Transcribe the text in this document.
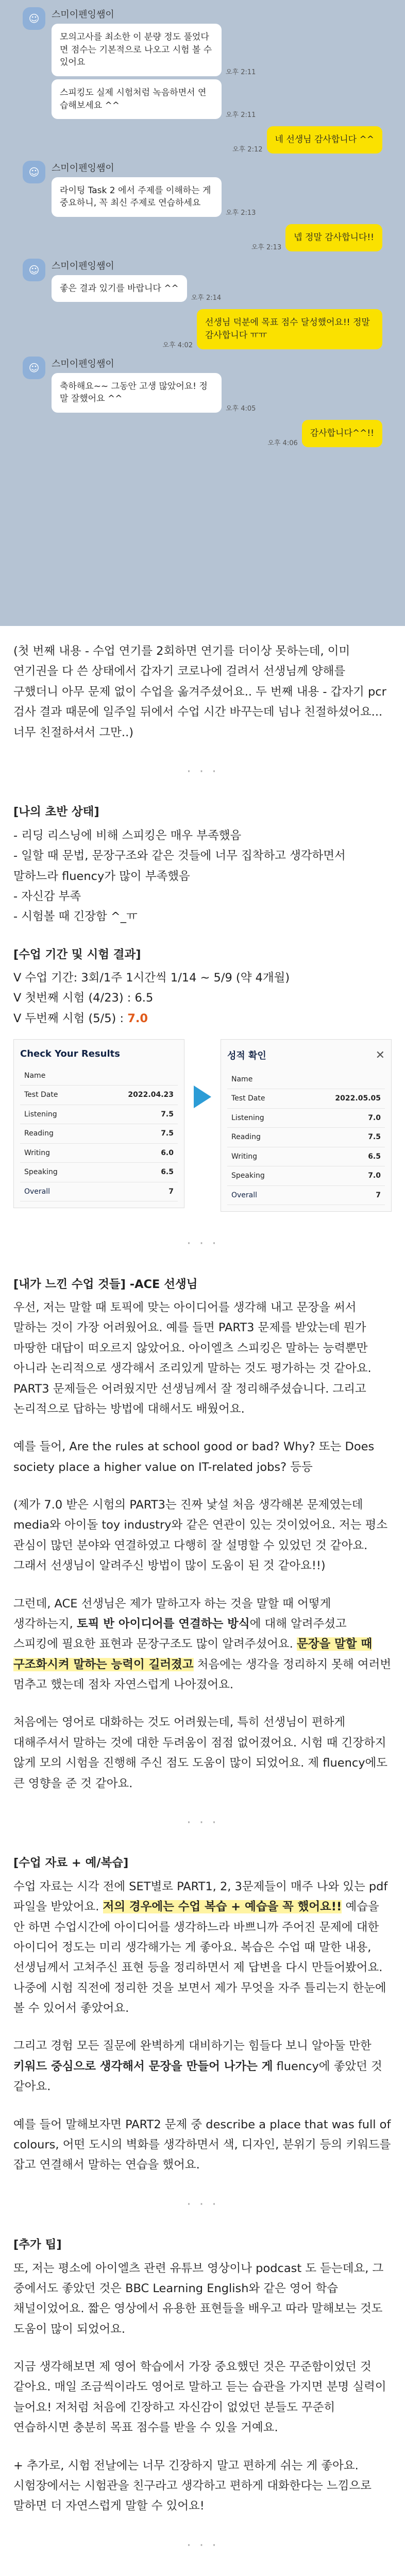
☺	스미이펜잉쌤이
모의고사를 최소한 이 분량 정도 풀었다면 점수는 기본적으로 나오고 시험 볼 수 있어요
오후 2:11
스피킹도 실제 시험처럼 녹음하면서 연습해보세요 ^^
오후 2:11
오후 2:12
네 선생님 감사합니다 ^^
☺	스미이펜잉쌤이
라이팅 Task 2 에서 주제를 이해하는 게 중요하니, 꼭 최신 주제로 연습하세요
오후 2:13
오후 2:13
넵 정말 감사합니다!!
☺	스미이펜잉쌤이
좋은 결과 있기를 바랍니다 ^^
오후 2:14
오후 4:02
선생님 덕분에 목표 점수 달성했어요!! 정말 감사합니다 ㅠㅠ
☺	스미이펜잉쌤이
축하해요~~ 그동안 고생 많았어요! 정말 잘했어요 ^^
오후 4:05
오후 4:06
감사합니다^^!!

(첫 번째 내용 - 수업 연기를 2회하면 연기를 더이상 못하는데, 이미 연기권을 다 쓴 상태에서 갑자기 코로나에 걸려서 선생님께 양해를 구했더니 아무 문제 없이 수업을 옮겨주셨어요.. 두 번째 내용 - 갑자기 pcr 검사 결과 때문에 일주일 뒤에서 수업 시간 바꾸는데 넘나 친절하셨어요... 너무 친절하셔서 그만..)

· · ·

[나의 초반 상태]

- 리딩 리스닝에 비해 스피킹은 매우 부족했음
- 일할 때 문법, 문장구조와 같은 것들에 너무 집착하고 생각하면서 말하느라 fluency가 많이 부족했음
- 자신감 부족
- 시험볼 때 긴장함 ^_ㅠ

[수업 기간 및 시험 결과]

V 수업 기간: 3회/1주 1시간씩 1/14 ~ 5/9 (약 4개월)
V 첫번째 시험 (4/23) : 6.5
V 두번째 시험 (5/5) : 7.0

Check Your Results
Name	
Test Date	2022.04.23
Listening	7.5
Reading	7.5
Writing	6.0
Speaking	6.5
Overall	7
성적 확인	✕
Name	
Test Date	2022.05.05
Listening	7.0
Reading	7.5
Writing	6.5
Speaking	7.0
Overall	7
· · ·

[내가 느낀 수업 것들] -ACE 선생님

우선, 저는 말할 때 토픽에 맞는 아이디어를 생각해 내고 문장을 써서 말하는 것이 가장 어려웠어요. 예를 들면 PART3 문제를 받았는데 뭔가 마땅한 대답이 떠오르지 않았어요. 아이엘츠 스피킹은 말하는 능력뿐만 아니라 논리적으로 생각해서 조리있게 말하는 것도 평가하는 것 같아요. PART3 문제들은 어려웠지만 선생님께서 잘 정리해주셨습니다. 그리고 논리적으로 답하는 방법에 대해서도 배웠어요.

예를 들어, Are the rules at school good or bad? Why? 또는 Does society place a higher value on IT-related jobs? 등등

(제가 7.0 받은 시험의 PART3는 진짜 낯설 처음 생각해본 문제였는데 media와 아이돌 toy industry와 같은 연관이 있는 것이었어요. 저는 평소 관심이 많던 분야와 연결하였고 다행히 잘 설명할 수 있었던 것 같아요. 그래서 선생님이 알려주신 방법이 많이 도움이 된 것 같아요!!)

그런데, ACE 선생님은 제가 말하고자 하는 것을 말할 때 어떻게 생각하는지, 토픽 반 아이디어를 연결하는 방식에 대해 알려주셨고 스피킹에 필요한 표현과 문장구조도 많이 알려주셨어요. 문장을 말할 때 구조화시켜 말하는 능력이 길러졌고 처음에는 생각을 정리하지 못해 여러번 멈추고 했는데 점차 자연스럽게 나아졌어요.

처음에는 영어로 대화하는 것도 어려웠는데, 특히 선생님이 편하게 대해주셔서 말하는 것에 대한 두려움이 점점 없어졌어요. 시험 때 긴장하지 않게 모의 시험을 진행해 주신 점도 도움이 많이 되었어요. 제 fluency에도 큰 영향을 준 것 같아요.

· · ·

[수업 자료 + 예/복습]

수업 자료는 시각 전에 SET별로 PART1, 2, 3문제들이 매주 나와 있는 pdf 파일을 받았어요. 저의 경우에는 수업 복습 + 예습을 꼭 했어요!! 예습을 안 하면 수업시간에 아이디어를 생각하느라 바쁘니까 주어진 문제에 대한 아이디어 정도는 미리 생각해가는 게 좋아요. 복습은 수업 때 말한 내용, 선생님께서 고쳐주신 표현 등을 정리하면서 제 답변을 다시 만들어봤어요. 나중에 시험 직전에 정리한 것을 보면서 제가 무엇을 자주 틀리는지 한눈에 볼 수 있어서 좋았어요.

그리고 경험 모든 질문에 완벽하게 대비하기는 힘들다 보니 알아둘 만한 키워드 중심으로 생각해서 문장을 만들어 나가는 게 fluency에 좋았던 것 같아요.

예를 들어 말해보자면 PART2 문제 중 describe a place that was full of colours, 어떤 도시의 벽화를 생각하면서 색, 디자인, 분위기 등의 키워드를 잡고 연결해서 말하는 연습을 했어요.

· · ·

[추가 팁]

또, 저는 평소에 아이엘츠 관련 유튜브 영상이나 podcast 도 듣는데요, 그 중에서도 좋았던 것은 BBC Learning English와 같은 영어 학습 채널이었어요. 짧은 영상에서 유용한 표현들을 배우고 따라 말해보는 것도 도움이 많이 되었어요.

지금 생각해보면 제 영어 학습에서 가장 중요했던 것은 꾸준함이었던 것 같아요. 매일 조금씩이라도 영어로 말하고 듣는 습관을 가지면 분명 실력이 늘어요! 저처럼 처음에 긴장하고 자신감이 없었던 분들도 꾸준히 연습하시면 충분히 목표 점수를 받을 수 있을 거예요.

+ 추가로, 시험 전날에는 너무 긴장하지 말고 편하게 쉬는 게 좋아요. 시험장에서는 시험관을 친구라고 생각하고 편하게 대화한다는 느낌으로 말하면 더 자연스럽게 말할 수 있어요!

· · ·
